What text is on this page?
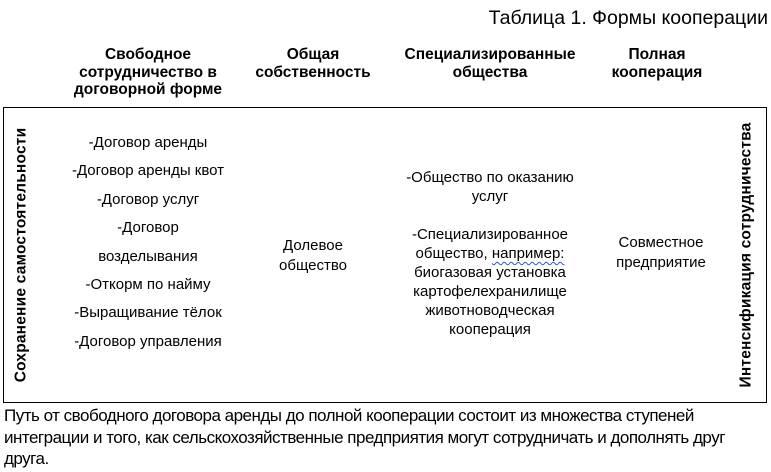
Таблица 1. Формы кооперации
Свободное
сотрудничество в
договорной форме
Общая
собственность
Специализированные
общества
Полная
кооперация
Сохранение самостоятельности	Интенсификация сотрудничества
-Договор аренды
-Договор аренды квот
-Договор услуг
-Договор
возделывания
-Откорм по найму
-Выращивание тёлок
-Договор управления
Долевое
общество
-Общество по оказанию
услуг
-Специализированное
общество, например:
биогазовая установка
картофелехранилище
животноводческая
кооперация
Совместное
предприятие
Путь от свободного договора аренды до полной кооперации состоит из множества ступеней
интеграции и того, как сельскохозяйственные предприятия могут сотрудничать и дополнять друг
друга.
